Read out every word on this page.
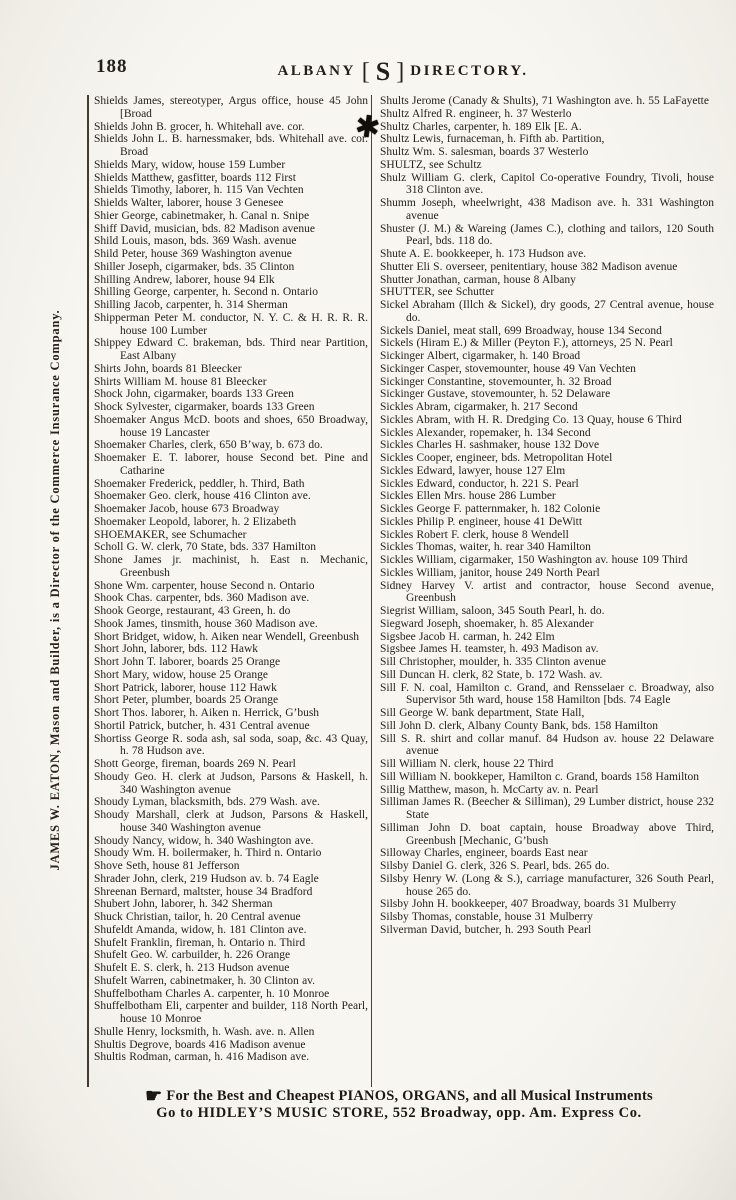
188	ALBANY [ S ] DIRECTORY.
JAMES W. EATON, Mason and Builder, is a Director of the Commerce Insurance Company.

Shields James, stereotyper, Argus office, house 45 John [Broad

Shields John B. grocer, h. Whitehall ave. cor.

Shields John L. B. harnessmaker, bds. Whitehall ave. cor. Broad

Shields Mary, widow, house 159 Lumber

Shields Matthew, gasfitter, boards 112 First

Shields Timothy, laborer, h. 115 Van Vechten

Shields Walter, laborer, house 3 Genesee

Shier George, cabinetmaker, h. Canal n. Snipe

Shiff David, musician, bds. 82 Madison avenue

Shild Louis, mason, bds. 369 Wash. avenue

Shild Peter, house 369 Washington avenue

Shiller Joseph, cigarmaker, bds. 35 Clinton

Shilling Andrew, laborer, house 94 Elk

Shilling George, carpenter, h. Second n. Ontario

Shilling Jacob, carpenter, h. 314 Sherman

Shipperman Peter M. conductor, N. Y. C. & H. R. R. R. house 100 Lumber

Shippey Edward C. brakeman, bds. Third near Partition, East Albany

Shirts John, boards 81 Bleecker

Shirts William M. house 81 Bleecker

Shock John, cigarmaker, boards 133 Green

Shock Sylvester, cigarmaker, boards 133 Green

Shoemaker Angus McD. boots and shoes, 650 Broadway, house 19 Lancaster

Shoemaker Charles, clerk, 650 B’way, b. 673 do.

Shoemaker E. T. laborer, house Second bet. Pine and Catharine

Shoemaker Frederick, peddler, h. Third, Bath

Shoemaker Geo. clerk, house 416 Clinton ave.

Shoemaker Jacob, house 673 Broadway

Shoemaker Leopold, laborer, h. 2 Elizabeth

SHOEMAKER, see Schumacher

Scholl G. W. clerk, 70 State, bds. 337 Hamilton

Shone James jr. machinist, h. East n. Mechanic, Greenbush

Shone Wm. carpenter, house Second n. Ontario

Shook Chas. carpenter, bds. 360 Madison ave.

Shook George, restaurant, 43 Green, h. do

Shook James, tinsmith, house 360 Madison ave.

Short Bridget, widow, h. Aiken near Wendell, Greenbush

Short John, laborer, bds. 112 Hawk

Short John T. laborer, boards 25 Orange

Short Mary, widow, house 25 Orange

Short Patrick, laborer, house 112 Hawk

Short Peter, plumber, boards 25 Orange

Short Thos. laborer, h. Aiken n. Herrick, G’bush

Shortil Patrick, butcher, h. 431 Central avenue

Shortiss George R. soda ash, sal soda, soap, &c. 43 Quay, h. 78 Hudson ave.

Shott George, fireman, boards 269 N. Pearl

Shoudy Geo. H. clerk at Judson, Parsons & Haskell, h. 340 Washington avenue

Shoudy Lyman, blacksmith, bds. 279 Wash. ave.

Shoudy Marshall, clerk at Judson, Parsons & Haskell, house 340 Washington avenue

Shoudy Nancy, widow, h. 340 Washington ave.

Shoudy Wm. H. boilermaker, h. Third n. Ontario

Shove Seth, house 81 Jefferson

Shrader John, clerk, 219 Hudson av. b. 74 Eagle

Shreenan Bernard, maltster, house 34 Bradford

Shubert John, laborer, h. 342 Sherman

Shuck Christian, tailor, h. 20 Central avenue

Shufeldt Amanda, widow, h. 181 Clinton ave.

Shufelt Franklin, fireman, h. Ontario n. Third

Shufelt Geo. W. carbuilder, h. 226 Orange

Shufelt E. S. clerk, h. 213 Hudson avenue

Shufelt Warren, cabinetmaker, h. 30 Clinton av.

Shuffelbotham Charles A. carpenter, h. 10 Monroe

Shuffelbotham Eli, carpenter and builder, 118 North Pearl, house 10 Monroe

Shulle Henry, locksmith, h. Wash. ave. n. Allen

Shultis Degrove, boards 416 Madison avenue

Shultis Rodman, carman, h. 416 Madison ave.

Shults Jerome (Canady & Shults), 71 Washington ave. h. 55 LaFayette

Shultz Alfred R. engineer, h. 37 Westerlo

Shultz Charles, carpenter, h. 189 Elk [E. A.

Shultz Lewis, furnaceman, h. Fifth ab. Partition,

Shultz Wm. S. salesman, boards 37 Westerlo

SHULTZ, see Schultz

Shulz William G. clerk, Capitol Co-operative Foundry, Tivoli, house 318 Clinton ave.

Shumm Joseph, wheelwright, 438 Madison ave. h. 331 Washington avenue

Shuster (J. M.) & Wareing (James C.), clothing and tailors, 120 South Pearl, bds. 118 do.

Shute A. E. bookkeeper, h. 173 Hudson ave.

Shutter Eli S. overseer, penitentiary, house 382 Madison avenue

Shutter Jonathan, carman, house 8 Albany

SHUTTER, see Schutter

Sickel Abraham (Illch & Sickel), dry goods, 27 Central avenue, house do.

Sickels Daniel, meat stall, 699 Broadway, house 134 Second

Sickels (Hiram E.) & Miller (Peyton F.), attorneys, 25 N. Pearl

Sickinger Albert, cigarmaker, h. 140 Broad

Sickinger Casper, stovemounter, house 49 Van Vechten

Sickinger Constantine, stovemounter, h. 32 Broad

Sickinger Gustave, stovemounter, h. 52 Delaware

Sickles Abram, cigarmaker, h. 217 Second

Sickles Abram, with H. R. Dredging Co. 13 Quay, house 6 Third

Sickles Alexander, ropemaker, h. 134 Second

Sickles Charles H. sashmaker, house 132 Dove

Sickles Cooper, engineer, bds. Metropolitan Hotel

Sickles Edward, lawyer, house 127 Elm

Sickles Edward, conductor, h. 221 S. Pearl

Sickles Ellen Mrs. house 286 Lumber

Sickles George F. patternmaker, h. 182 Colonie

Sickles Philip P. engineer, house 41 DeWitt

Sickles Robert F. clerk, house 8 Wendell

Sickles Thomas, waiter, h. rear 340 Hamilton

Sickles William, cigarmaker, 150 Washington av. house 109 Third

Sickles William, janitor, house 249 North Pearl

Sidney Harvey V. artist and contractor, house Second avenue, Greenbush

Siegrist William, saloon, 345 South Pearl, h. do.

Siegward Joseph, shoemaker, h. 85 Alexander

Sigsbee Jacob H. carman, h. 242 Elm

Sigsbee James H. teamster, h. 493 Madison av.

Sill Christopher, moulder, h. 335 Clinton avenue

Sill Duncan H. clerk, 82 State, b. 172 Wash. av.

Sill F. N. coal, Hamilton c. Grand, and Rensselaer c. Broadway, also Supervisor 5th ward, house 158 Hamilton [bds. 74 Eagle

Sill George W. bank department, State Hall,

Sill John D. clerk, Albany County Bank, bds. 158 Hamilton

Sill S. R. shirt and collar manuf. 84 Hudson av. house 22 Delaware avenue

Sill William N. clerk, house 22 Third

Sill William N. bookkeper, Hamilton c. Grand, boards 158 Hamilton

Sillig Matthew, mason, h. McCarty av. n. Pearl

Silliman James R. (Beecher & Silliman), 29 Lumber district, house 232 State

Silliman John D. boat captain, house Broadway above Third, Greenbush [Mechanic, G’bush

Silloway Charles, engineer, boards East near

Silsby Daniel G. clerk, 326 S. Pearl, bds. 265 do.

Silsby Henry W. (Long & S.), carriage manufacturer, 326 South Pearl, house 265 do.

Silsby John H. bookkeeper, 407 Broadway, boards 31 Mulberry

Silsby Thomas, constable, house 31 Mulberry

Silverman David, butcher, h. 293 South Pearl

✱
☛ For the Best and Cheapest PIANOS, ORGANS, and all Musical Instruments
Go to HIDLEY’S MUSIC STORE, 552 Broadway, opp. Am. Express Co.
